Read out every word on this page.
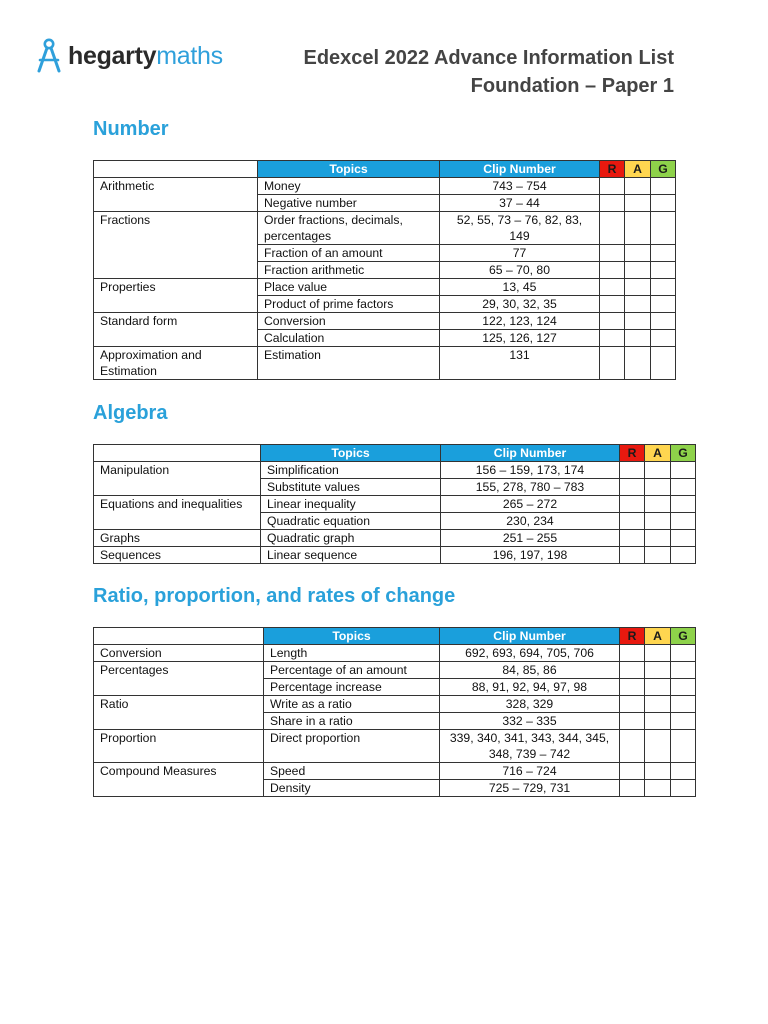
hegartymaths	Edexcel 2022 Advance Information List
Foundation – Paper 1
Number
	Topics	Clip Number	R	A	G
Arithmetic	Money	743 – 754			
	Negative number	37 – 44			
Fractions	Order fractions, decimals, percentages	52, 55, 73 – 76, 82, 83, 149			
	Fraction of an amount	77			
	Fraction arithmetic	65 – 70, 80			
Properties	Place value	13, 45			
	Product of prime factors	29, 30, 32, 35			
Standard form	Conversion	122, 123, 124			
	Calculation	125, 126, 127			
Approximation and Estimation	Estimation	131			
Algebra
	Topics	Clip Number	R	A	G
Manipulation	Simplification	156 – 159, 173, 174			
	Substitute values	155, 278, 780 – 783			
Equations and inequalities	Linear inequality	265 – 272			
	Quadratic equation	230, 234			
Graphs	Quadratic graph	251 – 255			
Sequences	Linear sequence	196, 197, 198			
Ratio, proportion, and rates of change
	Topics	Clip Number	R	A	G
Conversion	Length	692, 693, 694, 705, 706			
Percentages	Percentage of an amount	84, 85, 86			
	Percentage increase	88, 91, 92, 94, 97, 98			
Ratio	Write as a ratio	328, 329			
	Share in a ratio	332 – 335			
Proportion	Direct proportion	339, 340, 341, 343, 344, 345, 348, 739 – 742			
Compound Measures	Speed	716 – 724			
	Density	725 – 729, 731			
